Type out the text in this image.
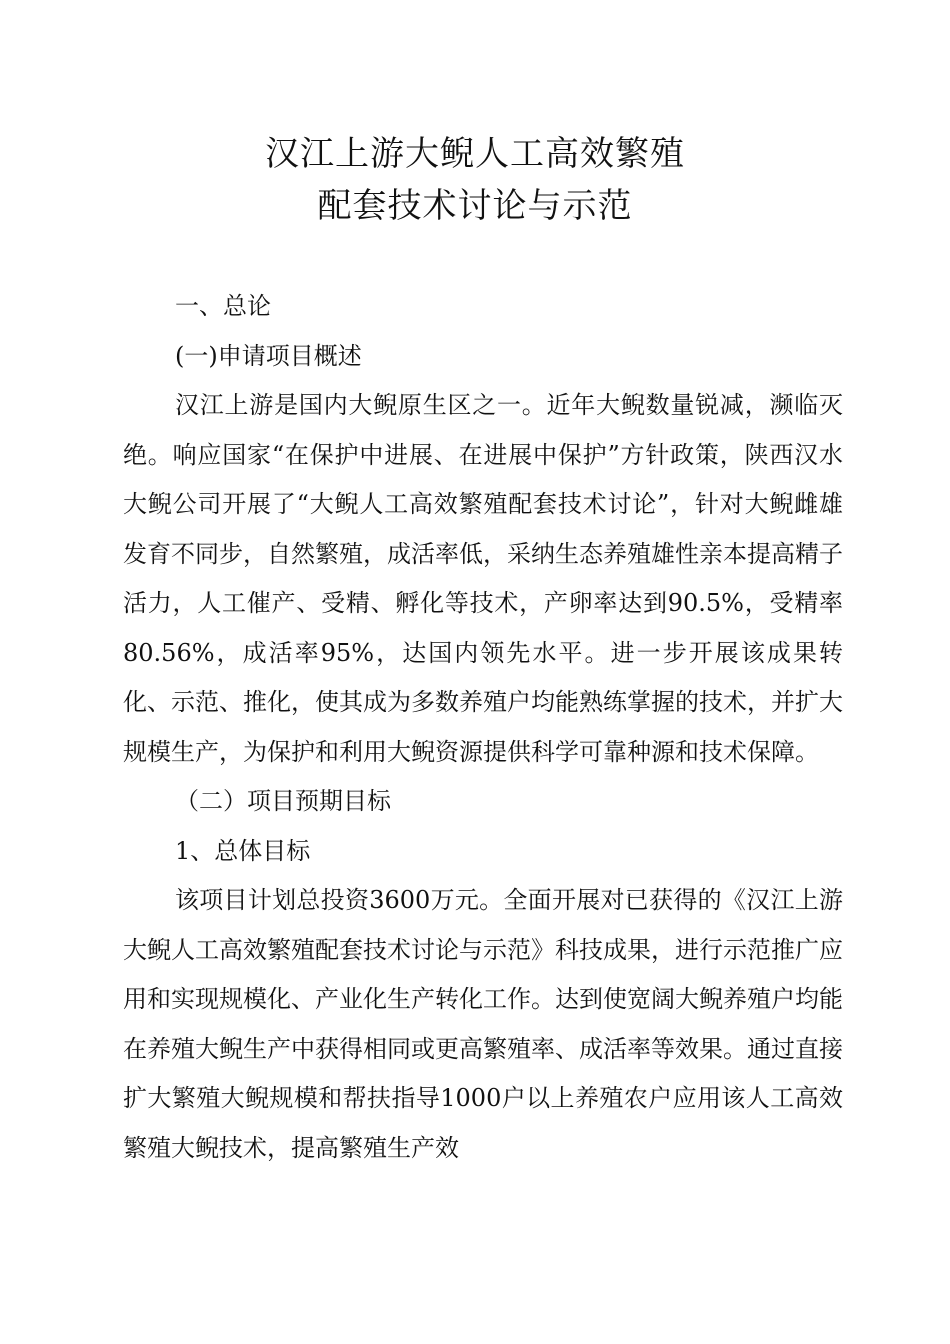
汉江上游大鲵人工高效繁殖
配套技术讨论与示范

一、总论

(一)申请项目概述

汉江上游是国内大鲵原生区之一。近年大鲵数量锐减，濒临灭绝。响应国家“在保护中进展、在进展中保护”方针政策，陕西汉水大鲵公司开展了“大鲵人工高效繁殖配套技术讨论”，针对大鲵雌雄发育不同步，自然繁殖，成活率低，采纳生态养殖雄性亲本提高精子活力，人工催产、受精、孵化等技术，产卵率达到90.5%，受精率80.56%，成活率95%，达国内领先水平。进一步开展该成果转化、示范、推化，使其成为多数养殖户均能熟练掌握的技术，并扩大规模生产，为保护和利用大鲵资源提供科学可靠种源和技术保障。

（二）项目预期目标

1、总体目标

该项目计划总投资3600万元。全面开展对已获得的《汉江上游大鲵人工高效繁殖配套技术讨论与示范》科技成果，进行示范推广应用和实现规模化、产业化生产转化工作。达到使宽阔大鲵养殖户均能在养殖大鲵生产中获得相同或更高繁殖率、成活率等效果。通过直接扩大繁殖大鲵规模和帮扶指导1000户以上养殖农户应用该人工高效繁殖大鲵技术，提高繁殖生产效
